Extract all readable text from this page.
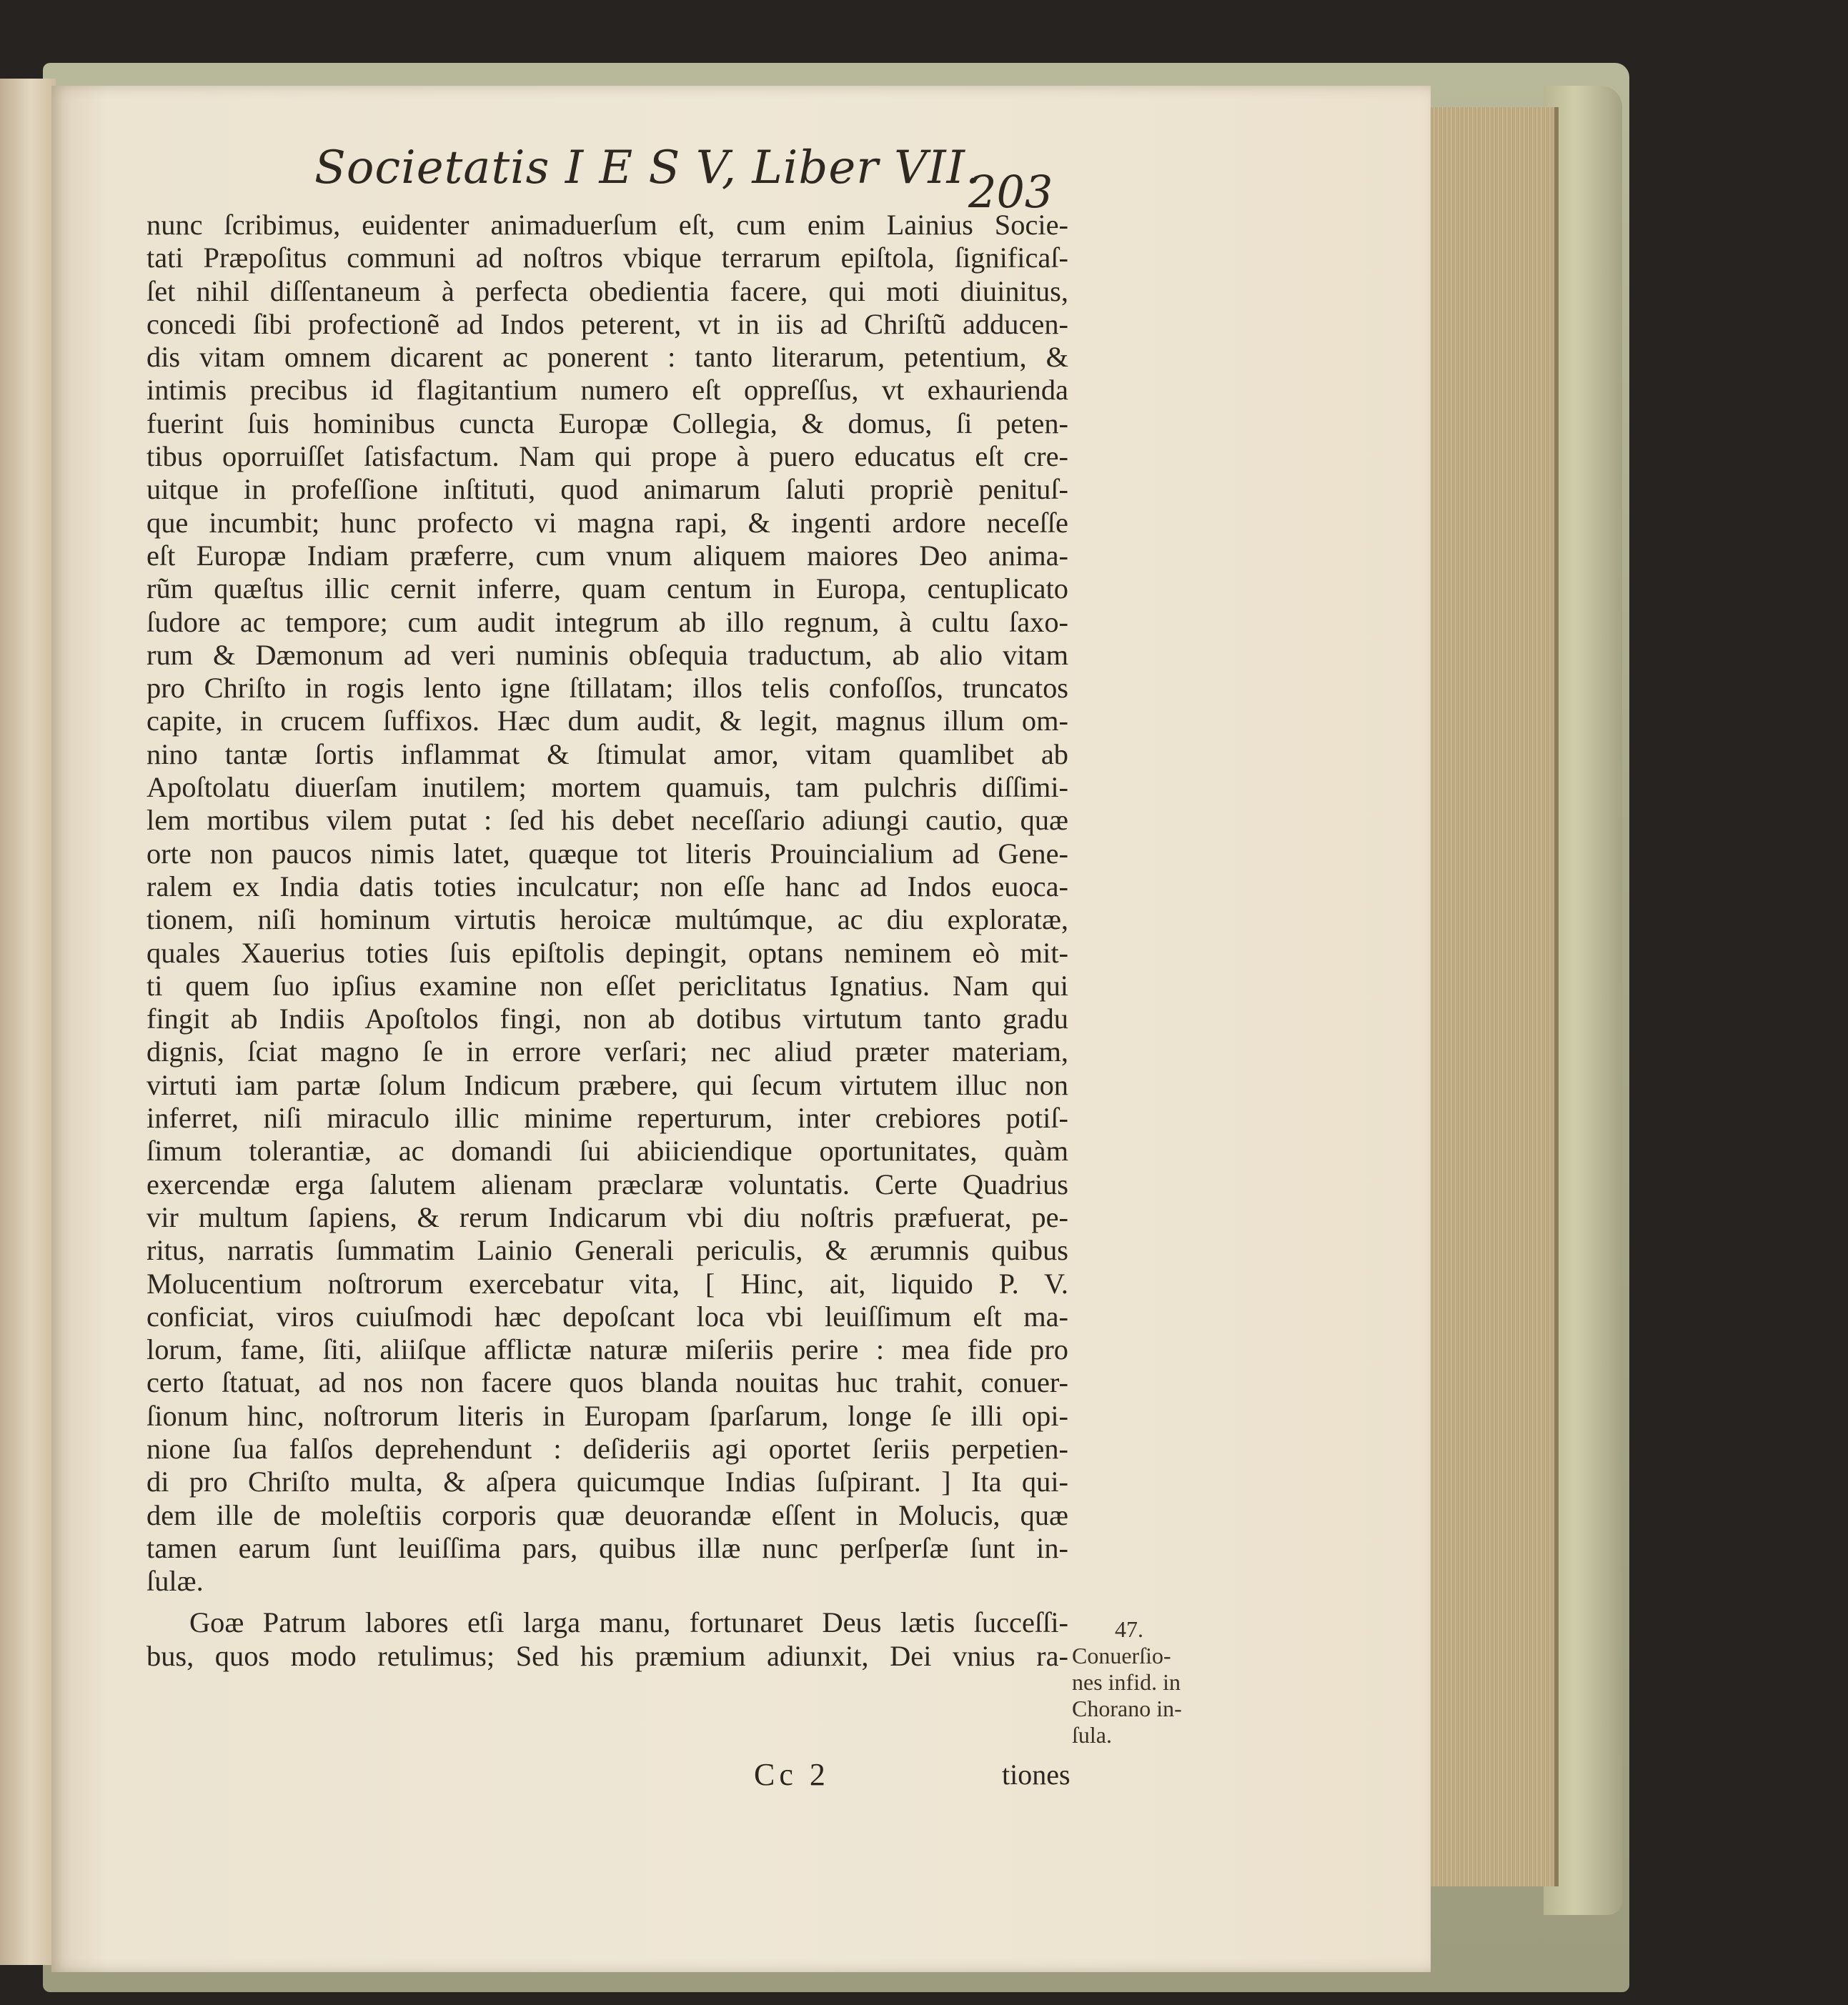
Societatis I E S V, Liber VII.
203
nunc ſcribimus, euidenter animaduerſum eſt, cum enim Lainius Socie-
tati Præpoſitus communi ad noſtros vbique terrarum epiſtola, ſignificaſ-
ſet nihil diſſentaneum à perfecta obedientia facere, qui moti diuinitus,
concedi ſibi profectionẽ ad Indos peterent, vt in iis ad Chriſtũ adducen-
dis vitam omnem dicarent ac ponerent : tanto literarum, petentium, &
intimis precibus id flagitantium numero eſt oppreſſus, vt exhaurienda
fuerint ſuis hominibus cuncta Europæ Collegia, & domus, ſi peten-
tibus oporruiſſet ſatisfactum. Nam qui prope à puero educatus eſt cre-
uitque in profeſſione inſtituti, quod animarum ſaluti propriè penituſ-
que incumbit; hunc profecto vi magna rapi, & ingenti ardore neceſſe
eſt Europæ Indiam præferre, cum vnum aliquem maiores Deo anima-
rũm quæſtus illic cernit inferre, quam centum in Europa, centuplicato
ſudore ac tempore; cum audit integrum ab illo regnum, à cultu ſaxo-
rum & Dæmonum ad veri numinis obſequia traductum, ab alio vitam
pro Chriſto in rogis lento igne ſtillatam; illos telis confoſſos, truncatos
capite, in crucem ſuffixos. Hæc dum audit, & legit, magnus illum om-
nino tantæ ſortis inflammat & ſtimulat amor, vitam quamlibet ab
Apoſtolatu diuerſam inutilem; mortem quamuis, tam pulchris diſſimi-
lem mortibus vilem putat : ſed his debet neceſſario adiungi cautio, quæ
orte non paucos nimis latet, quæque tot literis Prouincialium ad Gene-
ralem ex India datis toties inculcatur; non eſſe hanc ad Indos euoca-
tionem, niſi hominum virtutis heroicæ multúmque, ac diu exploratæ,
quales Xauerius toties ſuis epiſtolis depingit, optans neminem eò mit-
ti quem ſuo ipſius examine non eſſet periclitatus Ignatius. Nam qui
fingit ab Indiis Apoſtolos fingi, non ab dotibus virtutum tanto gradu
dignis, ſciat magno ſe in errore verſari; nec aliud præter materiam,
virtuti iam partæ ſolum Indicum præbere, qui ſecum virtutem illuc non
inferret, niſi miraculo illic minime reperturum, inter crebiores potiſ-
ſimum tolerantiæ, ac domandi ſui abiiciendique oportunitates, quàm
exercendæ erga ſalutem alienam præclaræ voluntatis. Certe Quadrius
vir multum ſapiens, & rerum Indicarum vbi diu noſtris præfuerat, pe-
ritus, narratis ſummatim Lainio Generali periculis, & ærumnis quibus
Molucentium noſtrorum exercebatur vita, [ Hinc, ait, liquido P. V.
conficiat, viros cuiuſmodi hæc depoſcant loca vbi leuiſſimum eſt ma-
lorum, fame, ſiti, aliiſque afflictæ naturæ miſeriis perire : mea fide pro
certo ſtatuat, ad nos non facere quos blanda nouitas huc trahit, conuer-
ſionum hinc, noſtrorum literis in Europam ſparſarum, longe ſe illi opi-
nione ſua falſos deprehendunt : deſideriis agi oportet ſeriis perpetien-
di pro Chriſto multa, & aſpera quicumque Indias ſuſpirant. ] Ita qui-
dem ille de moleſtiis corporis quæ deuorandæ eſſent in Molucis, quæ
tamen earum ſunt leuiſſima pars, quibus illæ nunc perſperſæ ſunt in-
ſulæ.
Goæ Patrum labores etſi larga manu, fortunaret Deus lætis ſucceſſi-
bus, quos modo retulimus; Sed his præmium adiunxit, Dei vnius ra-
47.
Conuerſio-
nes infid. in
Chorano in-
ſula.
Cc 2	tiones
